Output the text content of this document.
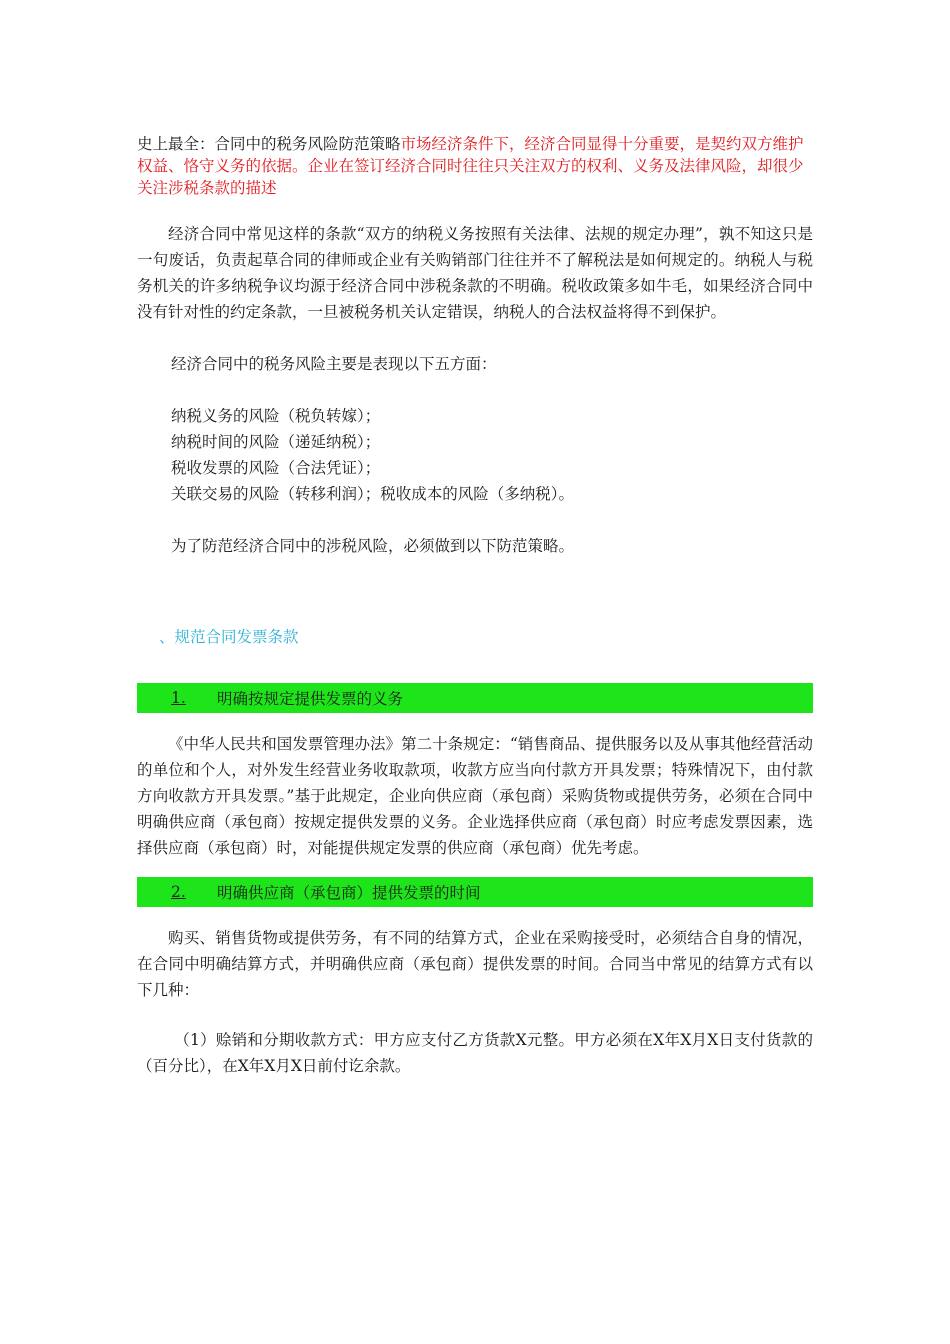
史上最全：合同中的税务风险防范策略市场经济条件下，经济合同显得十分重要，是契约双方维护权益、恪守义务的依据。企业在签订经济合同时往往只关注双方的权利、义务及法律风险，却很少关注涉税条款的描述

经济合同中常见这样的条款“双方的纳税义务按照有关法律、法规的规定办理”，孰不知这只是一句废话，负责起草合同的律师或企业有关购销部门往往并不了解税法是如何规定的。纳税人与税务机关的许多纳税争议均源于经济合同中涉税条款的不明确。税收政策多如牛毛，如果经济合同中没有针对性的约定条款，一旦被税务机关认定错误，纳税人的合法权益将得不到保护。

经济合同中的税务风险主要是表现以下五方面：

纳税义务的风险（税负转嫁）；

纳税时间的风险（递延纳税）；

税收发票的风险（合法凭证）；

关联交易的风险（转移利润）；税收成本的风险（多纳税）。

为了防范经济合同中的涉税风险，必须做到以下防范策略。

、规范合同发票条款

1.	明确按规定提供发票的义务

《中华人民共和国发票管理办法》第二十条规定：“销售商品、提供服务以及从事其他经营活动的单位和个人，对外发生经营业务收取款项，收款方应当向付款方开具发票；特殊情况下，由付款方向收款方开具发票。”基于此规定，企业向供应商（承包商）采购货物或提供劳务，必须在合同中明确供应商（承包商）按规定提供发票的义务。企业选择供应商（承包商）时应考虑发票因素，选择供应商（承包商）时，对能提供规定发票的供应商（承包商）优先考虑。

2.	明确供应商（承包商）提供发票的时间

购买、销售货物或提供劳务，有不同的结算方式，企业在采购接受时，必须结合自身的情况，在合同中明确结算方式，并明确供应商（承包商）提供发票的时间。合同当中常见的结算方式有以下几种：

（1）赊销和分期收款方式：甲方应支付乙方货款X元整。甲方必须在X年X月X日支付货款的（百分比），在X年X月X日前付讫余款。
